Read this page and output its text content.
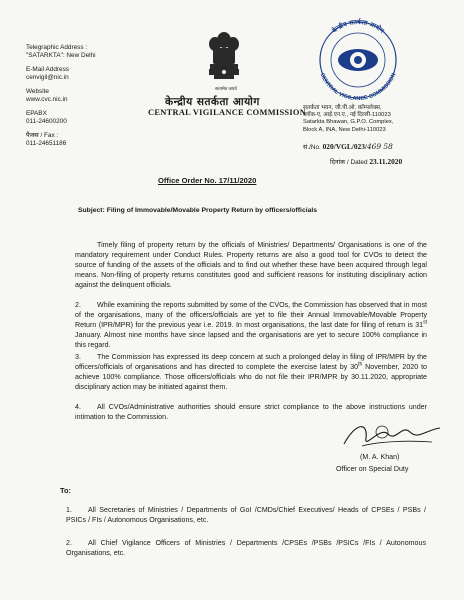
Telegraphic Address :
"SATARKTA": New Delhi
E-Mail Address
cenvigil@nic.in
Website
www.cvc.nic.in
EPABX
011-24600200
फैक्स / Fax :
011-24651186
सत्यमेव जयते
केन्द्रीय सतर्कता आयोग
CENTRAL VIGILANCE COMMISSION
केन्द्रीय सतर्कता आयोग
CENTRAL VIGILANCE COMMISSION
सतर्कता भवन, जी.पी.ओ. कॉम्पलेक्स,
ब्लॉक-ए, आई.एन.ए., नई दिल्ली-110023
Satarkta Bhawan, G.P.O. Complex,
Block A, INA, New Delhi-110023
सं./No. 020/VGL/023/469 58
दिनांक / Dated 23.11.2020
Office Order No. 17/11/2020
Subject: Filing of Immovable/Movable Property Return by officers/officials
Timely filing of property return by the officials of Ministries/ Departments/ Organisations is one of the mandatory requirement under Conduct Rules. Property returns are also a good tool for CVOs to detect the source of funding of the assets of the officials and to find out whether these have been acquired through legal means. Non-filing of property returns constitutes good and sufficient reasons for instituting disciplinary action against the delinquent officials.
2. While examining the reports submitted by some of the CVOs, the Commission has observed that in most of the organisations, many of the officers/officials are yet to file their Annual Immovable/Movable Property Return (IPR/MPR) for the previous year i.e. 2019. In most organisations, the last date for filing of return is 31st January. Almost nine months have since lapsed and the organisations are yet to secure 100% compliance in this regard.
3. The Commission has expressed its deep concern at such a prolonged delay in filing of IPR/MPR by the officers/officials of organisations and has directed to complete the exercise latest by 30th November, 2020 to achieve 100% compliance. Those officers/officials who do not file their IPR/MPR by 30.11.2020, appropriate disciplinary action may be initiated against them.
4. All CVOs/Administrative authorities should ensure strict compliance to the above instructions under intimation to the Commission.
(M. A. Khan)
Officer on Special Duty
To:
1. All Secretaries of Ministries / Departments of GoI /CMDs/Chief Executives/ Heads of CPSEs / PSBs / PSICs / FIs / Autonomous Organisations, etc.
2. All Chief Vigilance Officers of Ministries / Departments /CPSEs /PSBs /PSICs /FIs / Autonomous Organisations, etc.
